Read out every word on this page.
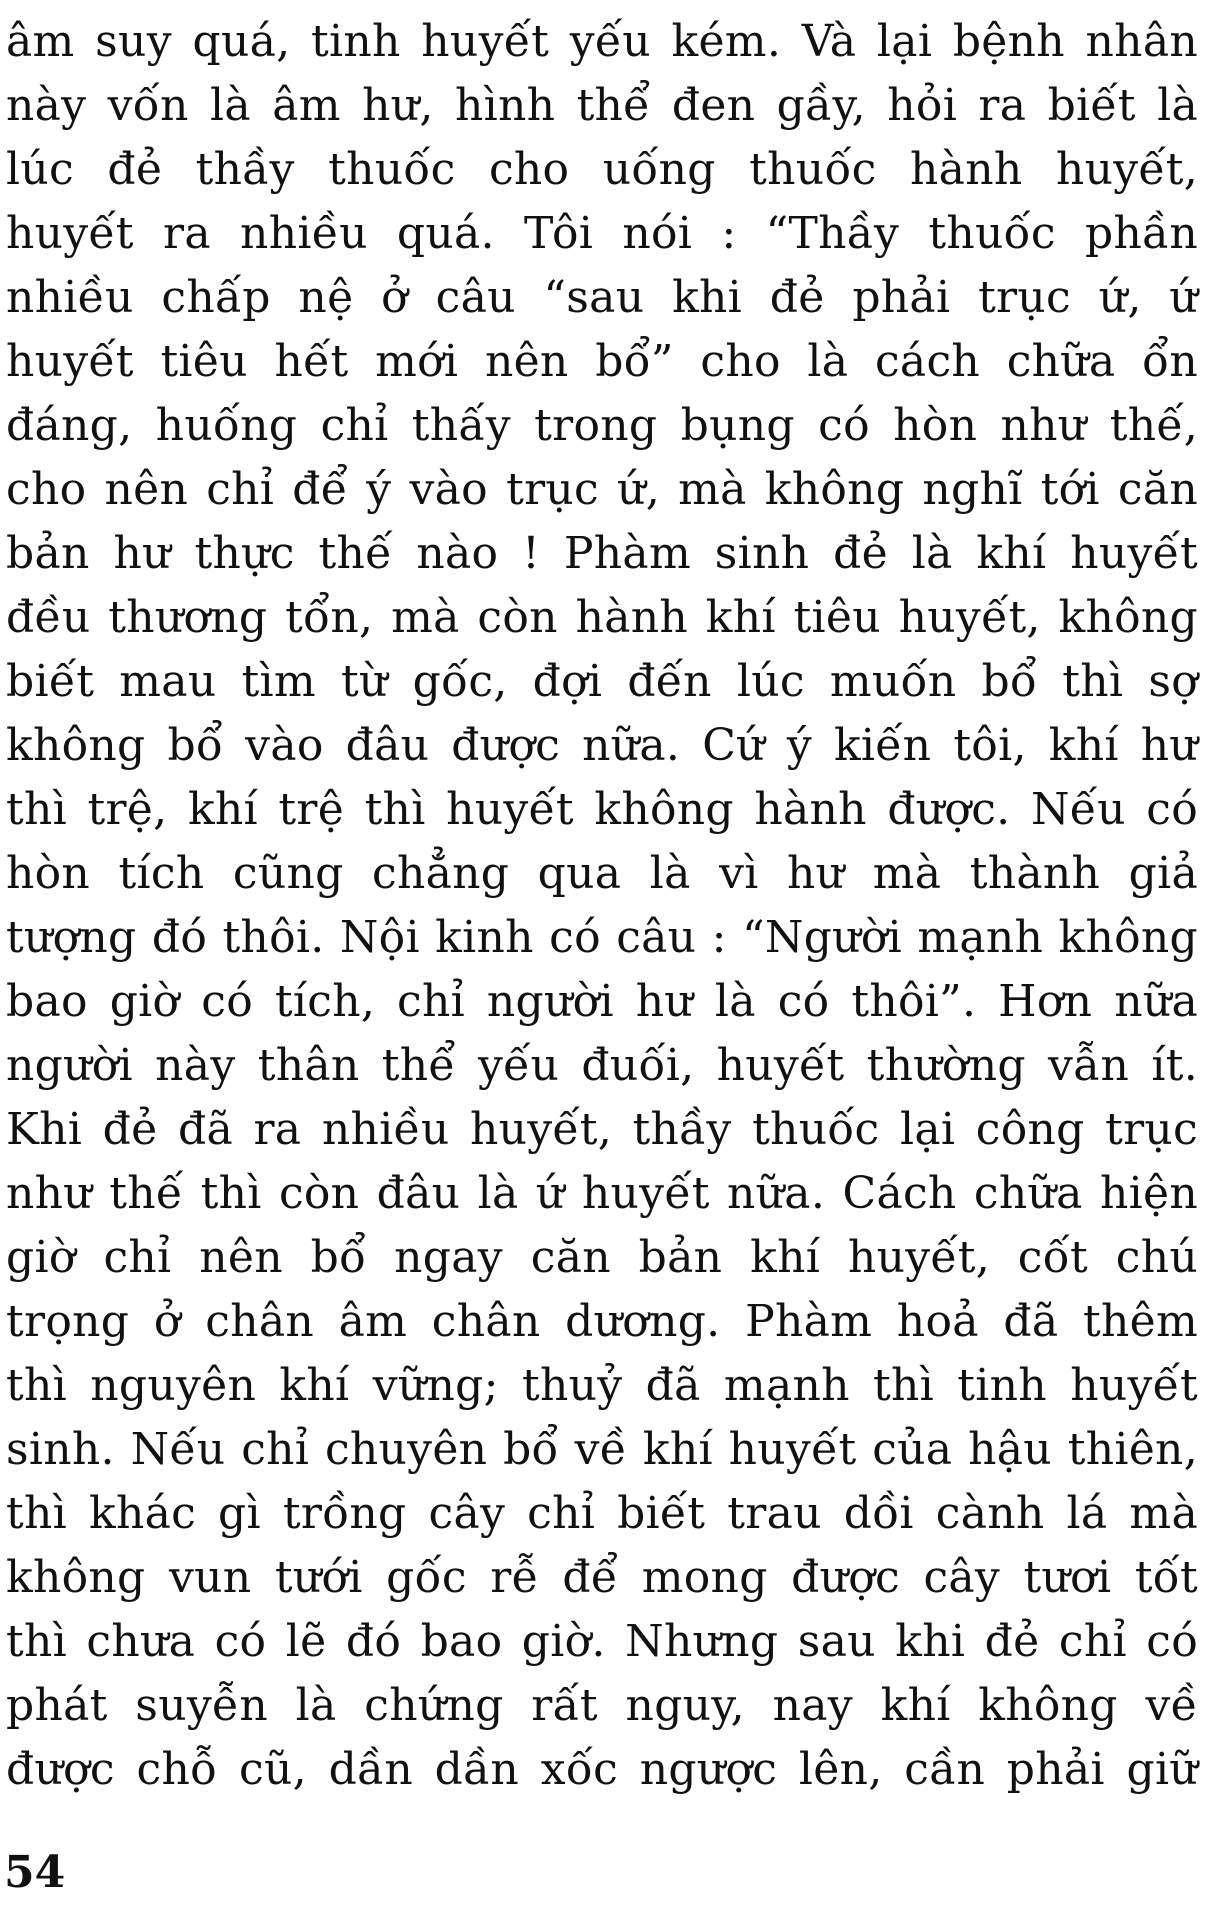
âm suy quá, tinh huyết yếu kém. Và lại bệnh nhân
này vốn là âm hư, hình thể đen gầy, hỏi ra biết là
lúc đẻ thầy thuốc cho uống thuốc hành huyết,
huyết ra nhiều quá. Tôi nói : “Thầy thuốc phần
nhiều chấp nệ ở câu “sau khi đẻ phải trục ứ, ứ
huyết tiêu hết mới nên bổ” cho là cách chữa ổn
đáng, huống chỉ thấy trong bụng có hòn như thế,
cho nên chỉ để ý vào trục ứ, mà không nghĩ tới căn
bản hư thực thế nào ! Phàm sinh đẻ là khí huyết
đều thương tổn, mà còn hành khí tiêu huyết, không
biết mau tìm từ gốc, đợi đến lúc muốn bổ thì sợ
không bổ vào đâu được nữa. Cứ ý kiến tôi, khí hư
thì trệ, khí trệ thì huyết không hành được. Nếu có
hòn tích cũng chẳng qua là vì hư mà thành giả
tượng đó thôi. Nội kinh có câu : “Người mạnh không
bao giờ có tích, chỉ người hư là có thôi”. Hơn nữa
người này thân thể yếu đuối, huyết thường vẫn ít.
Khi đẻ đã ra nhiều huyết, thầy thuốc lại công trục
như thế thì còn đâu là ứ huyết nữa. Cách chữa hiện
giờ chỉ nên bổ ngay căn bản khí huyết, cốt chú
trọng ở chân âm chân dương. Phàm hoả đã thêm
thì nguyên khí vững; thuỷ đã mạnh thì tinh huyết
sinh. Nếu chỉ chuyên bổ về khí huyết của hậu thiên,
thì khác gì trồng cây chỉ biết trau dồi cành lá mà
không vun tưới gốc rễ để mong được cây tươi tốt
thì chưa có lẽ đó bao giờ. Nhưng sau khi đẻ chỉ có
phát suyễn là chứng rất nguy, nay khí không về
được chỗ cũ, dần dần xốc ngược lên, cần phải giữ
54
